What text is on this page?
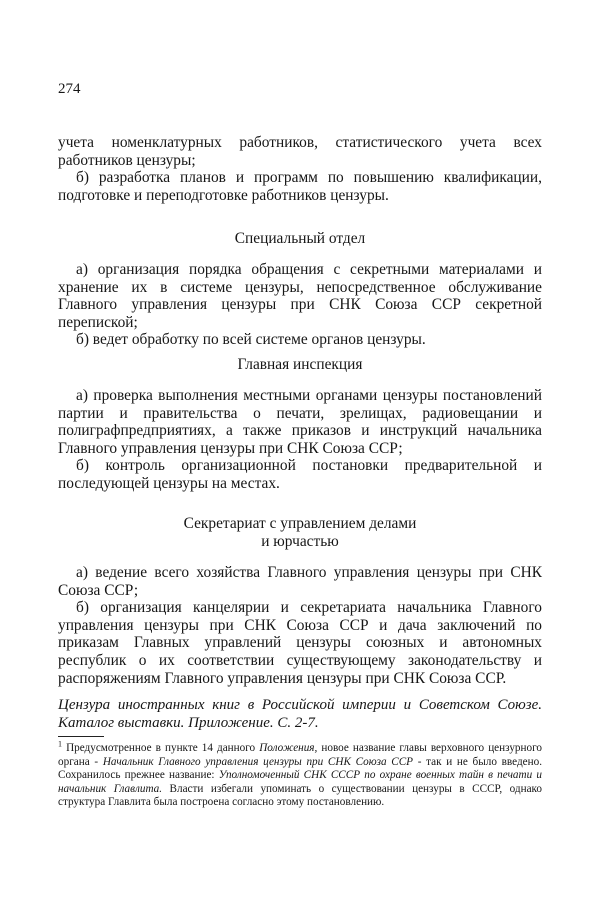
274

учета номенклатурных работников, статистического учета всех работников цензуры;

б) разработка планов и программ по повышению квалификации, подготовке и переподготовке работников цензуры.

Специальный отдел

а) организация порядка обращения с секретными материалами и хранение их в системе цензуры, непосредственное обслуживание Главного управления цензуры при СНК Союза ССР секретной перепиской;

б) ведет обработку по всей системе органов цензуры.

Главная инспекция

а) проверка выполнения местными органами цензуры постановлений партии и правительства о печати, зрелищах, радиовещании и полиграфпредприятиях, а также приказов и инструкций начальника Главного управления цензуры при СНК Союза ССР;

б) контроль организационной постановки предварительной и последующей цензуры на местах.

Секретариат с управлением делами
и юрчастью

а) ведение всего хозяйства Главного управления цензуры при СНК Союза ССР;

б) организация канцелярии и секретариата начальника Главного управления цензуры при СНК Союза ССР и дача заключений по приказам Главных управлений цензуры союзных и автономных республик о их соответствии существующему законодательству и распоряжениям Главного управления цензуры при СНК Союза ССР.

Цензура иностранных книг в Российской империи и Советском Союзе. Каталог выставки. Приложение. С. 2-7.
$^1$ Предусмотренное в пункте 14 данного Положения, новое название главы верховного цензурного органа - Начальник Главного управления цензуры при СНК Союза ССР - так и не было введено. Сохранилось прежнее название: Уполномоченный СНК СССР по охране военных тайн в печати и начальник Главлита. Власти избегали упоминать о существовании цензуры в СССР, однако структура Главлита была построена согласно этому постановлению.
